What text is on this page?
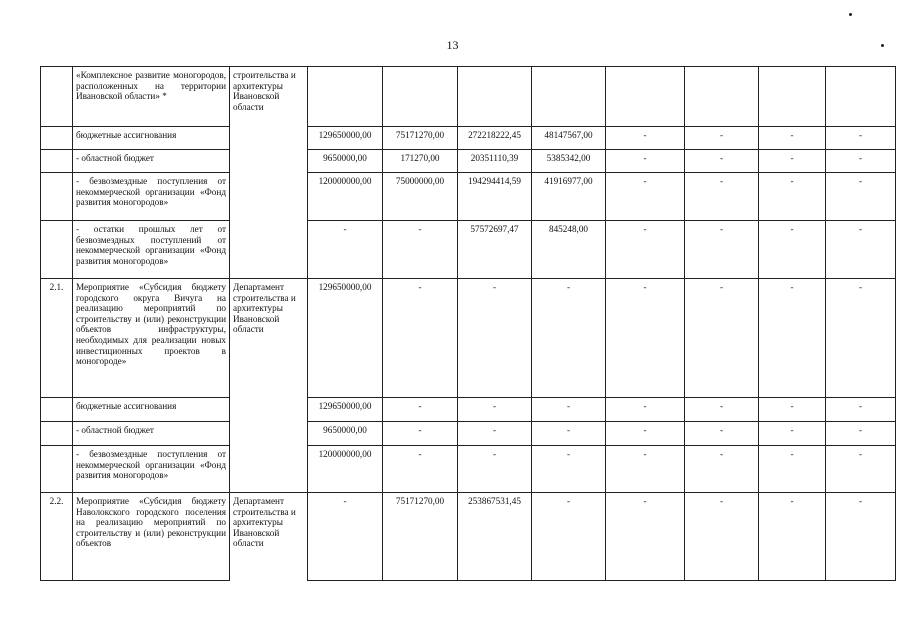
13
	«Комплексное развитие моногородов, расположенных на территории Ивановской области» *	строительства и архитектуры Ивановской области								
	бюджетные ассигнования		129650000,00	75171270,00	272218222,45	48147567,00	-	-	-	-
	- областной бюджет		9650000,00	171270,00	20351110,39	5385342,00	-	-	-	-
	- безвозмездные поступления от некоммерческой организации «Фонд развития моногородов»		120000000,00	75000000,00	194294414,59	41916977,00	-	-	-	-
	- остатки прошлых лет от безвозмездных поступлений от некоммерческой организации «Фонд развития моногородов»		-	-	57572697,47	845248,00	-	-	-	-
2.1.	Мероприятие «Субсидия бюджету городского округа Вичуга на реализацию мероприятий по строительству и (или) реконструкции объектов инфраструктуры, необходимых для реализации новых инвестиционных проектов в моногороде»	Департамент строительства и архитектуры Ивановской области	129650000,00	-	-	-	-	-	-	-
	бюджетные ассигнования		129650000,00	-	-	-	-	-	-	-
	- областной бюджет		9650000,00	-	-	-	-	-	-	-
	- безвозмездные поступления от некоммерческой организации «Фонд развития моногородов»		120000000,00	-	-	-	-	-	-	-
2.2.	Мероприятие «Субсидия бюджету Наволокского городского поселения на реализацию мероприятий по строительству и (или) реконструкции объектов	Департамент строительства и архитектуры Ивановской области	-	75171270,00	253867531,45	-	-	-	-	-
